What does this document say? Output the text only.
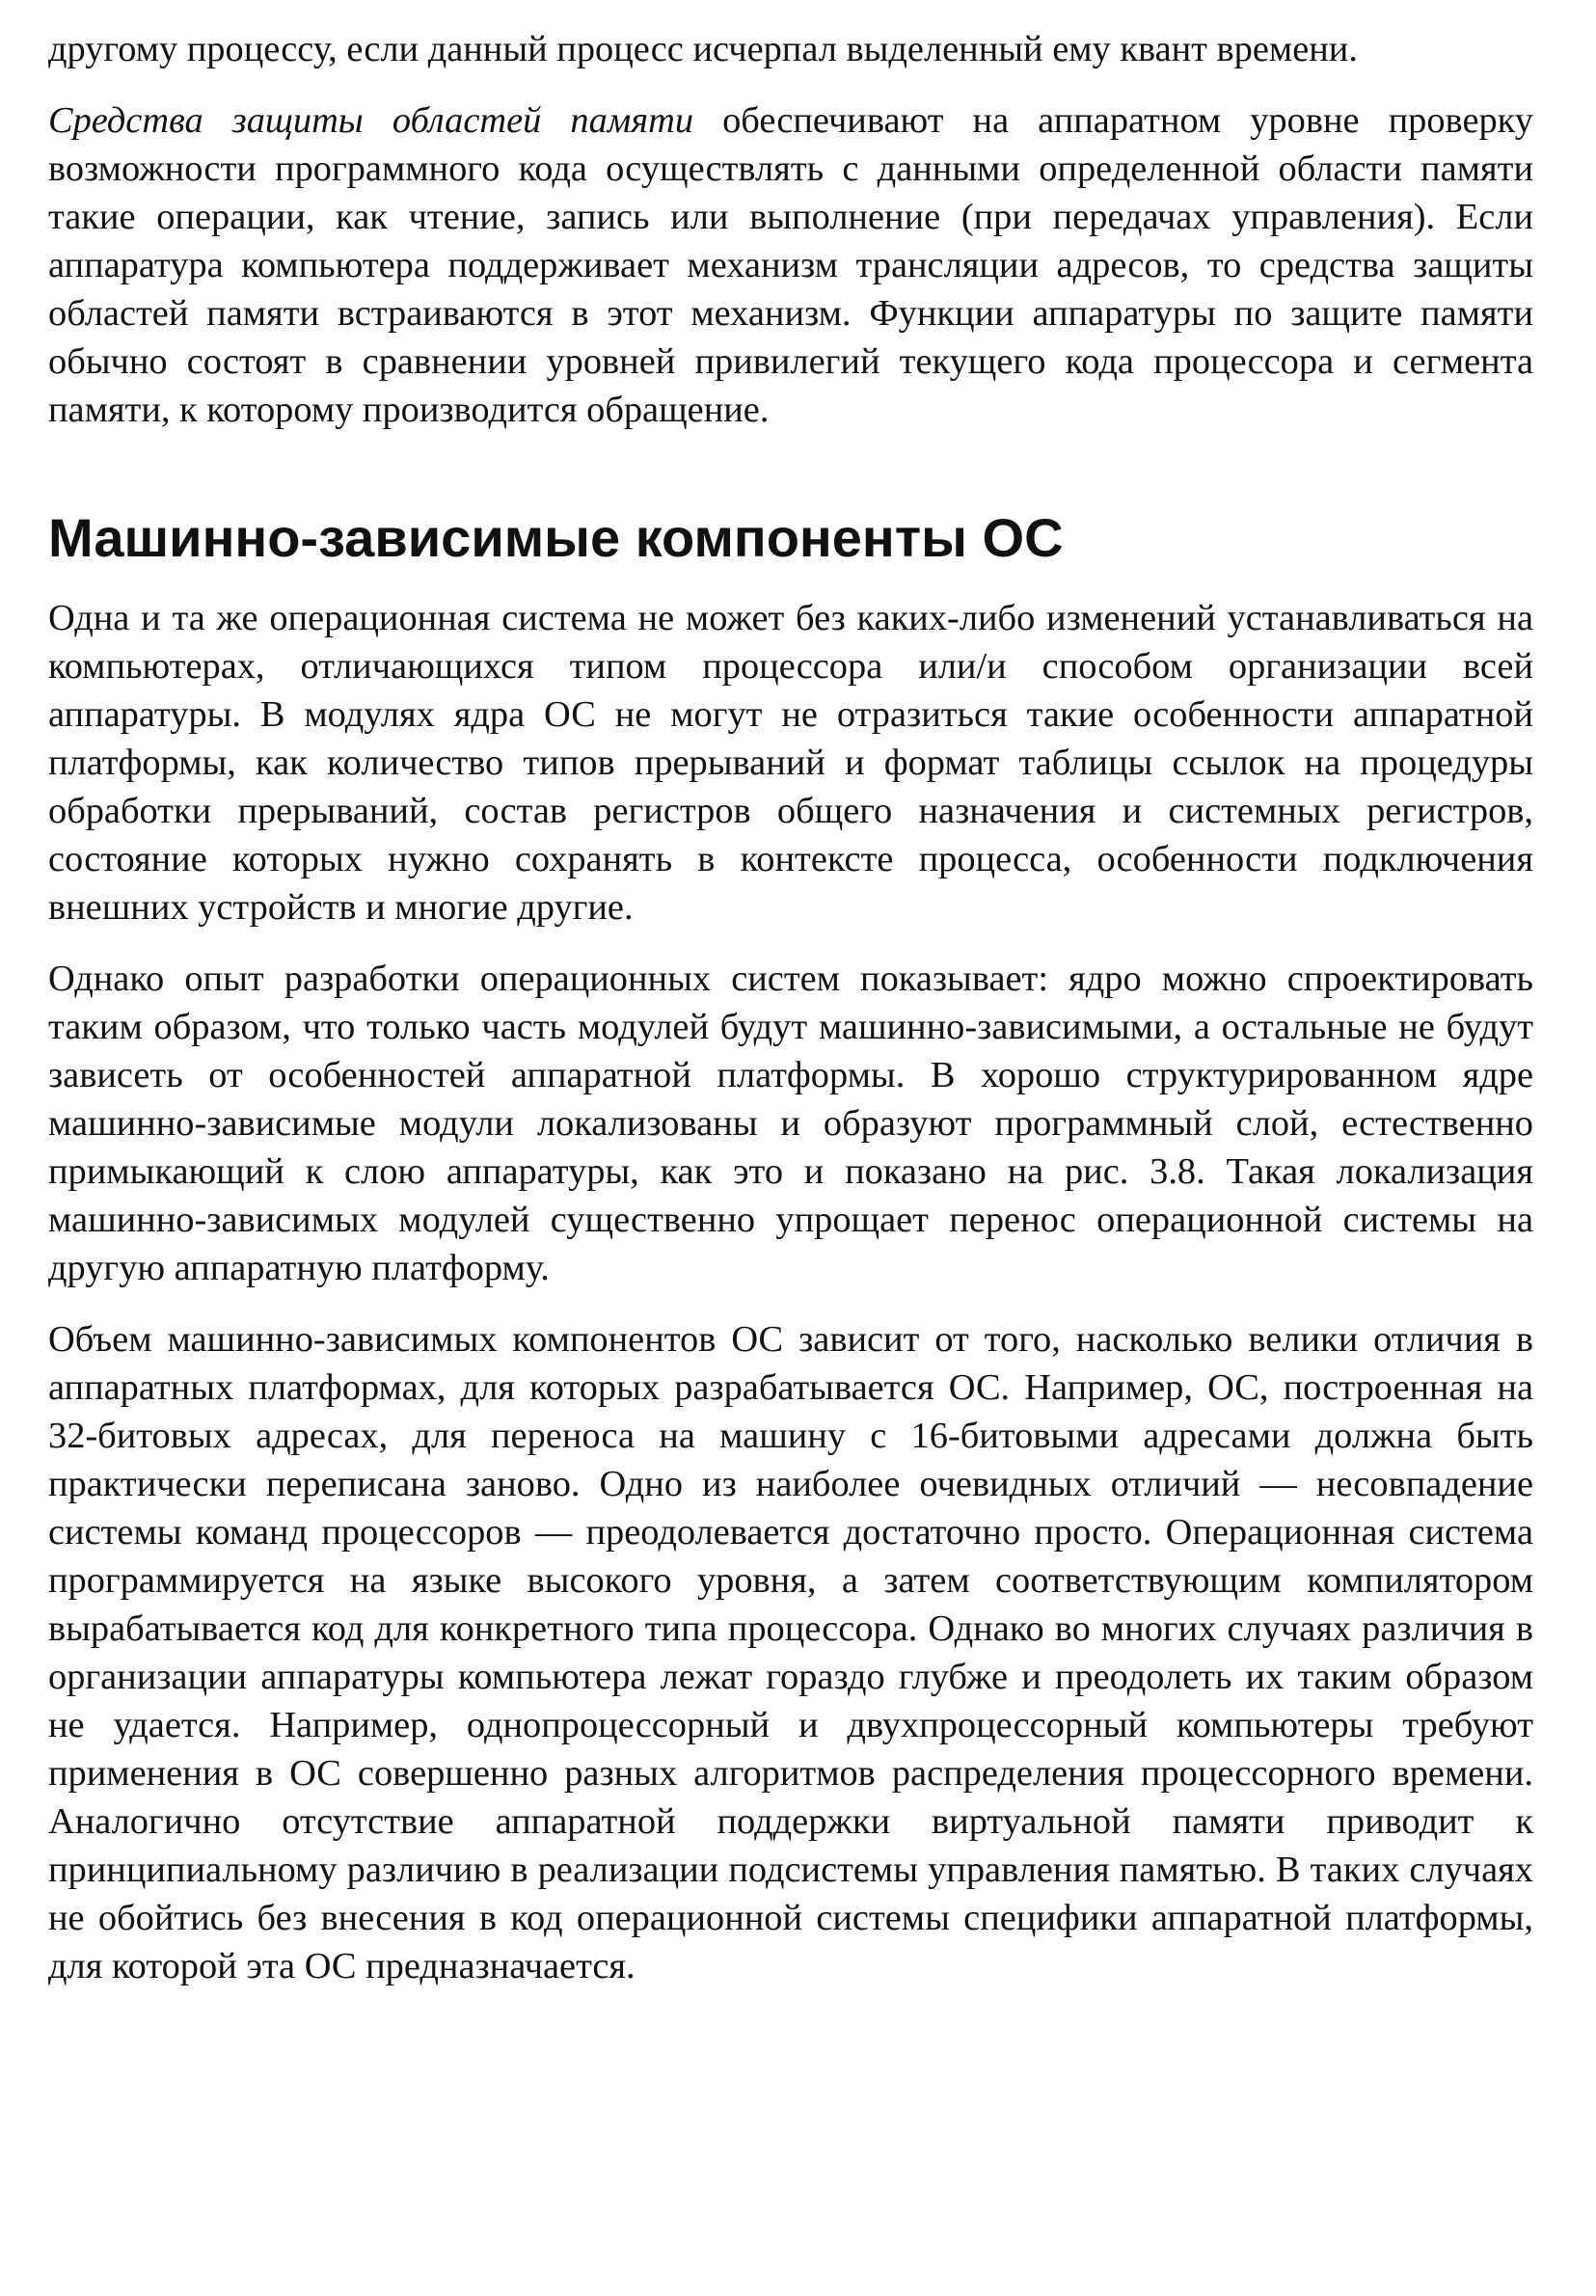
другому процессу, если данный процесс исчерпал выделенный ему квант времени.

Средства защиты областей памяти обеспечивают на аппаратном уровне проверку возможности программного кода осуществлять с данными определенной области памяти такие операции, как чтение, запись или выполнение (при передачах управления). Если аппаратура компьютера поддерживает механизм трансляции адресов, то средства защиты областей памяти встраиваются в этот механизм. Функции аппаратуры по защите памяти обычно состоят в сравнении уровней привилегий текущего кода процессора и сегмента памяти, к которому производится обращение.

Машинно-зависимые компоненты ОС

Одна и та же операционная система не может без каких-либо изменений устанавливаться на компьютерах, отличающихся типом процессора или/и способом организации всей аппаратуры. В модулях ядра ОС не могут не отразиться такие особенности аппаратной платформы, как количество типов прерываний и формат таблицы ссылок на процедуры обработки прерываний, состав регистров общего назначения и системных регистров, состояние которых нужно сохранять в контексте процесса, особенности подключения внешних устройств и многие другие.

Однако опыт разработки операционных систем показывает: ядро можно спроектировать таким образом, что только часть модулей будут машинно-зависимыми, а остальные не будут зависеть от особенностей аппаратной платформы. В хорошо структурированном ядре машинно-зависимые модули локализованы и образуют программный слой, естественно примыкающий к слою аппаратуры, как это и показано на рис. 3.8. Такая локализация машинно-зависимых модулей существенно упрощает перенос операционной системы на другую аппаратную платформу.

Объем машинно-зависимых компонентов ОС зависит от того, насколько велики отличия в аппаратных платформах, для которых разрабатывается ОС. Например, ОС, построенная на 32-битовых адресах, для переноса на машину с 16-битовыми адресами должна быть практически переписана заново. Одно из наиболее очевидных отличий — несовпадение системы команд процессоров — преодолевается достаточно просто. Операционная система программируется на языке высокого уровня, а затем соответствующим компилятором вырабатывается код для конкретного типа процессора. Однако во многих случаях различия в организации аппаратуры компьютера лежат гораздо глубже и преодолеть их таким образом не удается. Например, однопроцессорный и двухпроцессорный компьютеры требуют применения в ОС совершенно разных алгоритмов распределения процессорного времени. Аналогично отсутствие аппаратной поддержки виртуальной памяти приводит к принципиальному различию в реализации подсистемы управления памятью. В таких случаях не обойтись без внесения в код операционной системы специфики аппаратной платформы, для которой эта ОС предназначается.
